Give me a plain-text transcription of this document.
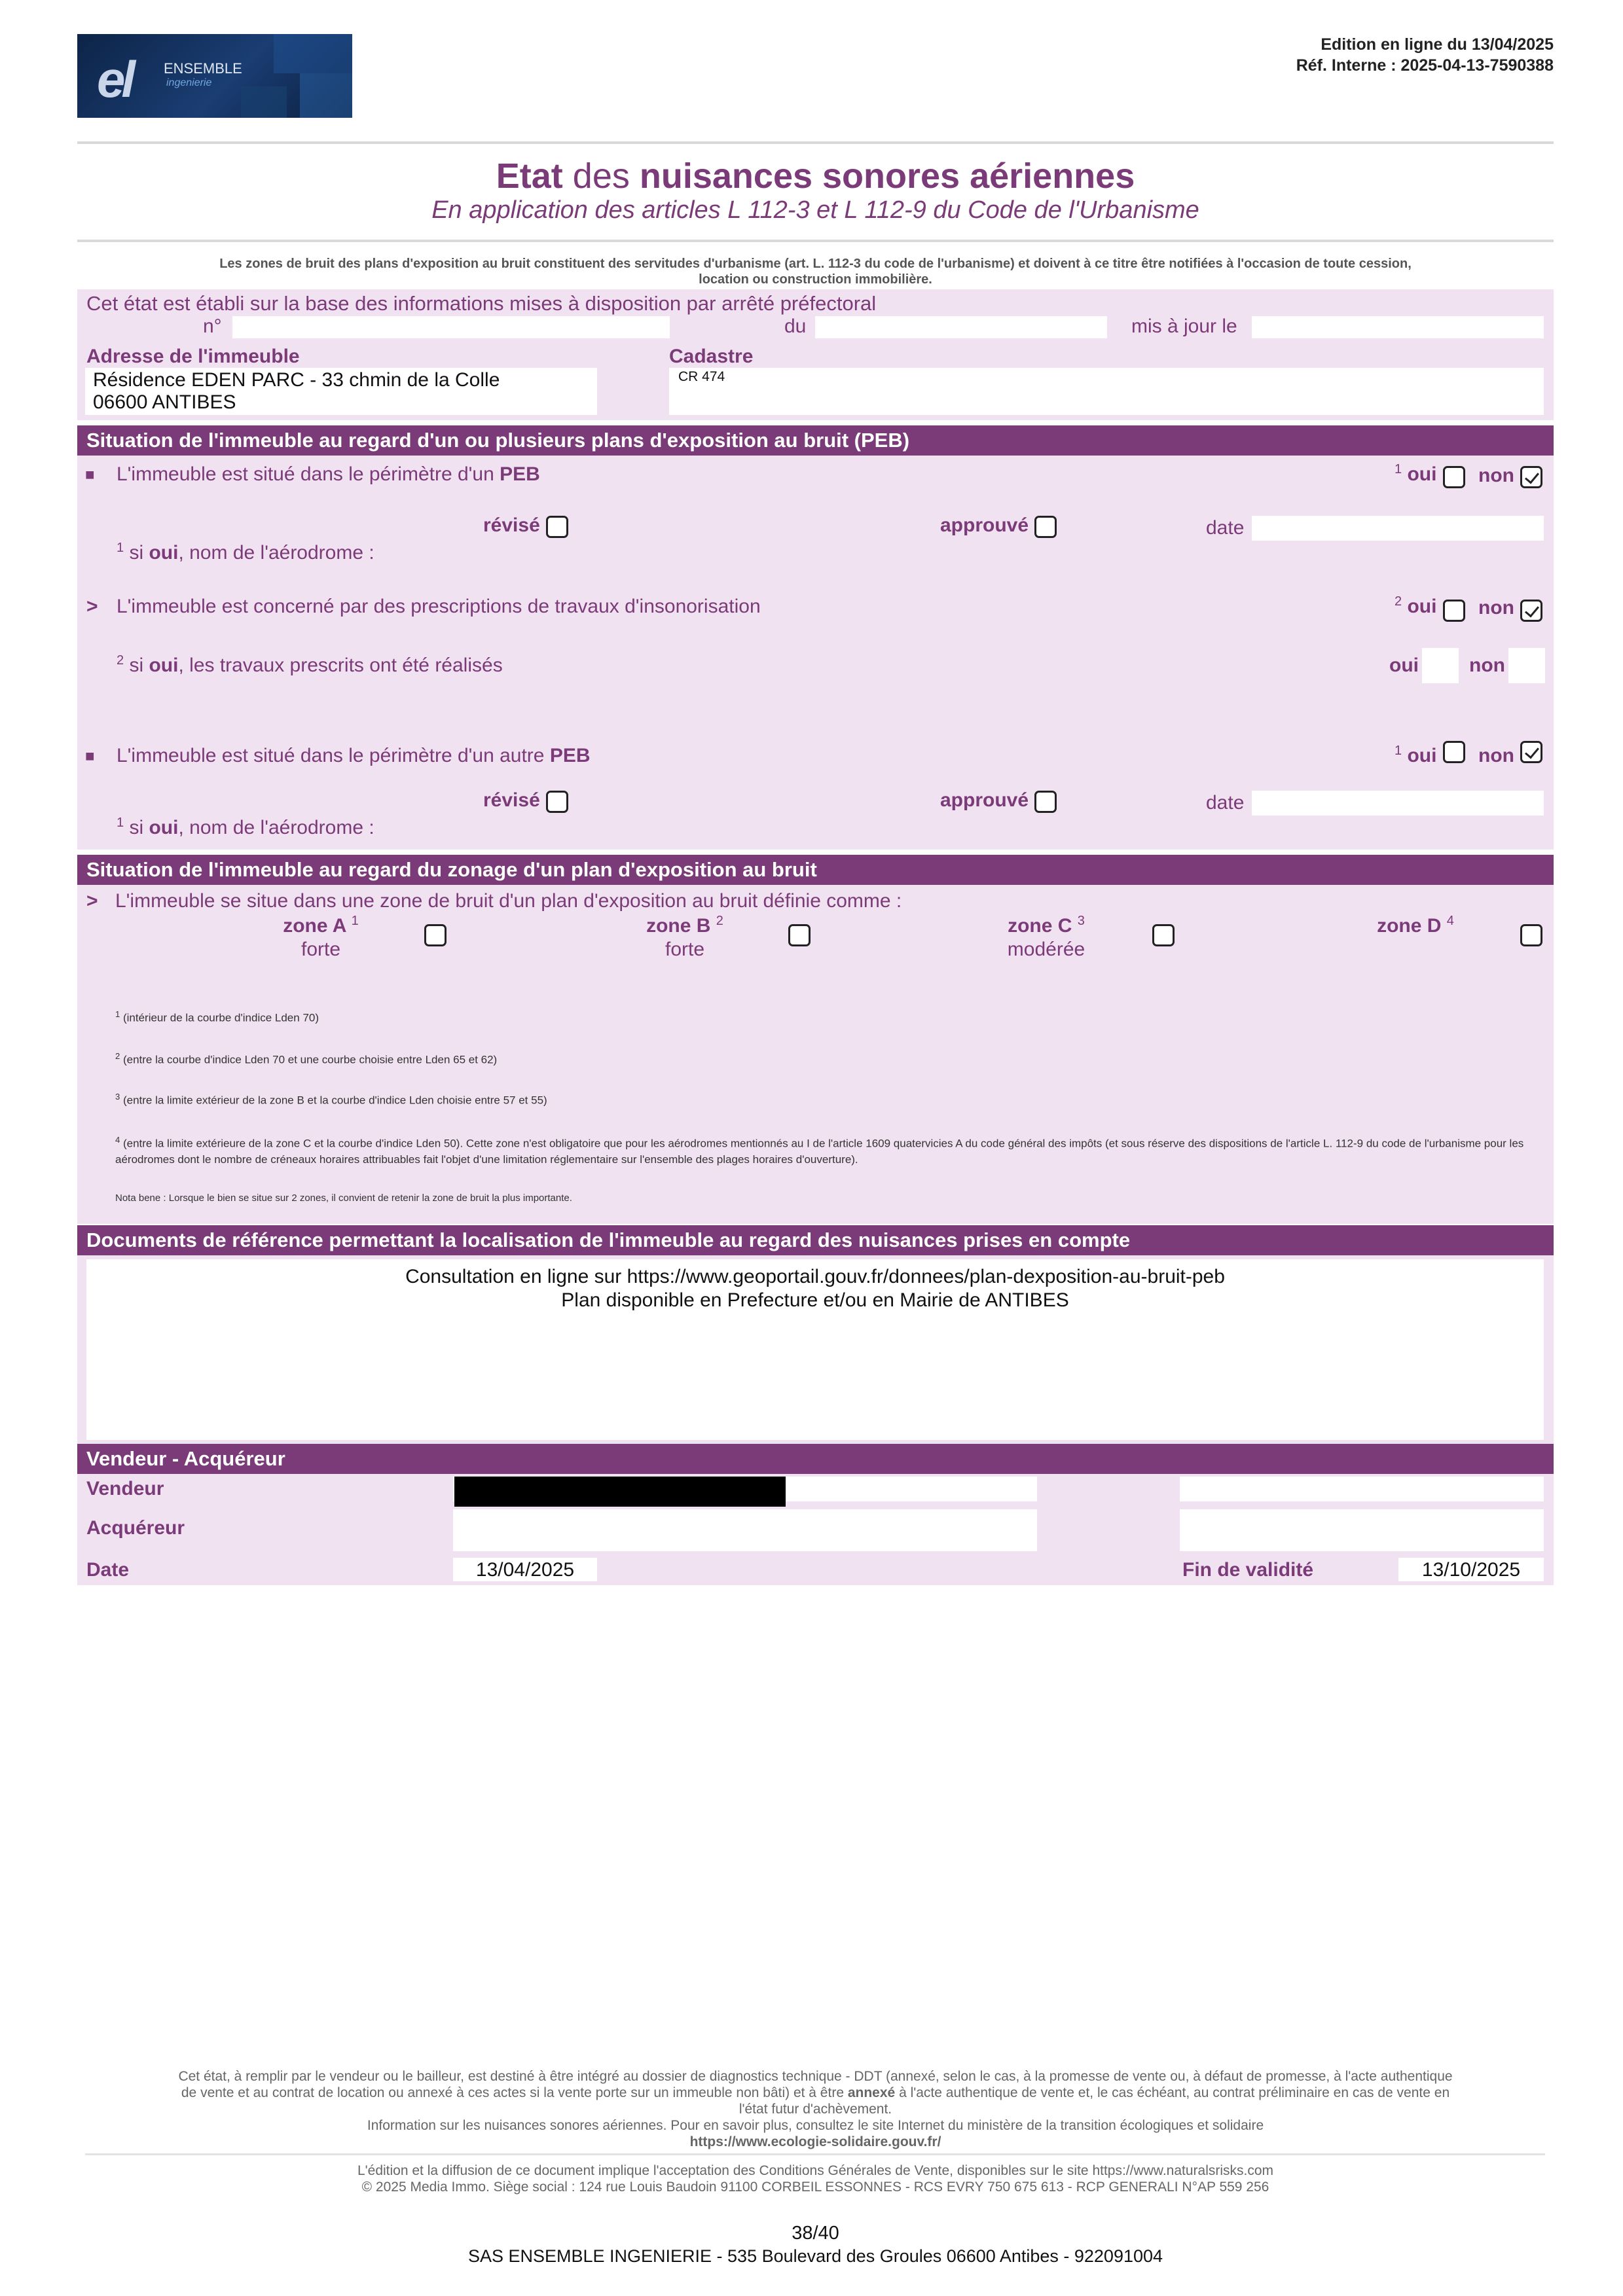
el ENSEMBLE
ingenierie
Edition en ligne du 13/04/2025
Réf. Interne : 2025-04-13-7590388
Etat des nuisances sonores aériennes
En application des articles L 112-3 et L 112-9 du Code de l'Urbanisme
Les zones de bruit des plans d'exposition au bruit constituent des servitudes d'urbanisme (art. L. 112-3 du code de l'urbanisme) et doivent à ce titre être notifiées à l'occasion de toute cession,
location ou construction immobilière.
Cet état est établi sur la base des informations mises à disposition par arrêté préfectoral
n°	du	mis à jour le
Adresse de l'immeuble
Résidence EDEN PARC - 33 chmin de la Colle
06600 ANTIBES
Cadastre
CR 474
Situation de l'immeuble au regard d'un ou plusieurs plans d'exposition au bruit (PEB)
■ L'immeuble est situé dans le périmètre d'un PEB	$^1$ oui non
révisé	approuvé	date
$^1$ si oui, nom de l'aérodrome :
> L'immeuble est concerné par des prescriptions de travaux d'insonorisation	$^2$ oui non
$^2$ si oui, les travaux prescrits ont été réalisés	oui	non
■ L'immeuble est situé dans le périmètre d'un autre PEB	$^1$ oui non
révisé	approuvé	date
$^1$ si oui, nom de l'aérodrome :
Situation de l'immeuble au regard du zonage d'un plan d'exposition au bruit
> L'immeuble se situe dans une zone de bruit d'un plan d'exposition au bruit définie comme :
zone A $^1$
forte
zone B $^2$
forte
zone C $^3$
modérée
zone D $^4$
$^1$ (intérieur de la courbe d'indice Lden 70)
$^2$ (entre la courbe d'indice Lden 70 et une courbe choisie entre Lden 65 et 62)
$^3$ (entre la limite extérieur de la zone B et la courbe d'indice Lden choisie entre 57 et 55)
$^4$ (entre la limite extérieure de la zone C et la courbe d'indice Lden 50). Cette zone n'est obligatoire que pour les aérodromes mentionnés au I de l'article 1609 quatervicies A du code général des impôts (et sous réserve des dispositions de l'article L. 112-9 du code de l'urbanisme pour les aérodromes dont le nombre de créneaux horaires attribuables fait l'objet d'une limitation réglementaire sur l'ensemble des plages horaires d'ouverture).
Nota bene : Lorsque le bien se situe sur 2 zones, il convient de retenir la zone de bruit la plus importante.
Documents de référence permettant la localisation de l'immeuble au regard des nuisances prises en compte
Consultation en ligne sur https://www.geoportail.gouv.fr/donnees/plan-dexposition-au-bruit-peb
Plan disponible en Prefecture et/ou en Mairie de ANTIBES
Vendeur - Acquéreur
Vendeur
Acquéreur
Date	13/04/2025	Fin de validité	13/10/2025
Cet état, à remplir par le vendeur ou le bailleur, est destiné à être intégré au dossier de diagnostics technique - DDT (annexé, selon le cas, à la promesse de vente ou, à défaut de promesse, à l'acte authentique
de vente et au contrat de location ou annexé à ces actes si la vente porte sur un immeuble non bâti) et à être annexé à l'acte authentique de vente et, le cas échéant, au contrat préliminaire en cas de vente en
l'état futur d'achèvement.
Information sur les nuisances sonores aériennes. Pour en savoir plus, consultez le site Internet du ministère de la transition écologiques et solidaire
https://www.ecologie-solidaire.gouv.fr/
L'édition et la diffusion de ce document implique l'acceptation des Conditions Générales de Vente, disponibles sur le site https://www.naturalsrisks.com
© 2025 Media Immo. Siège social : 124 rue Louis Baudoin 91100 CORBEIL ESSONNES - RCS EVRY 750 675 613 - RCP GENERALI N°AP 559 256
38/40
SAS ENSEMBLE INGENIERIE - 535 Boulevard des Groules 06600 Antibes - 922091004
